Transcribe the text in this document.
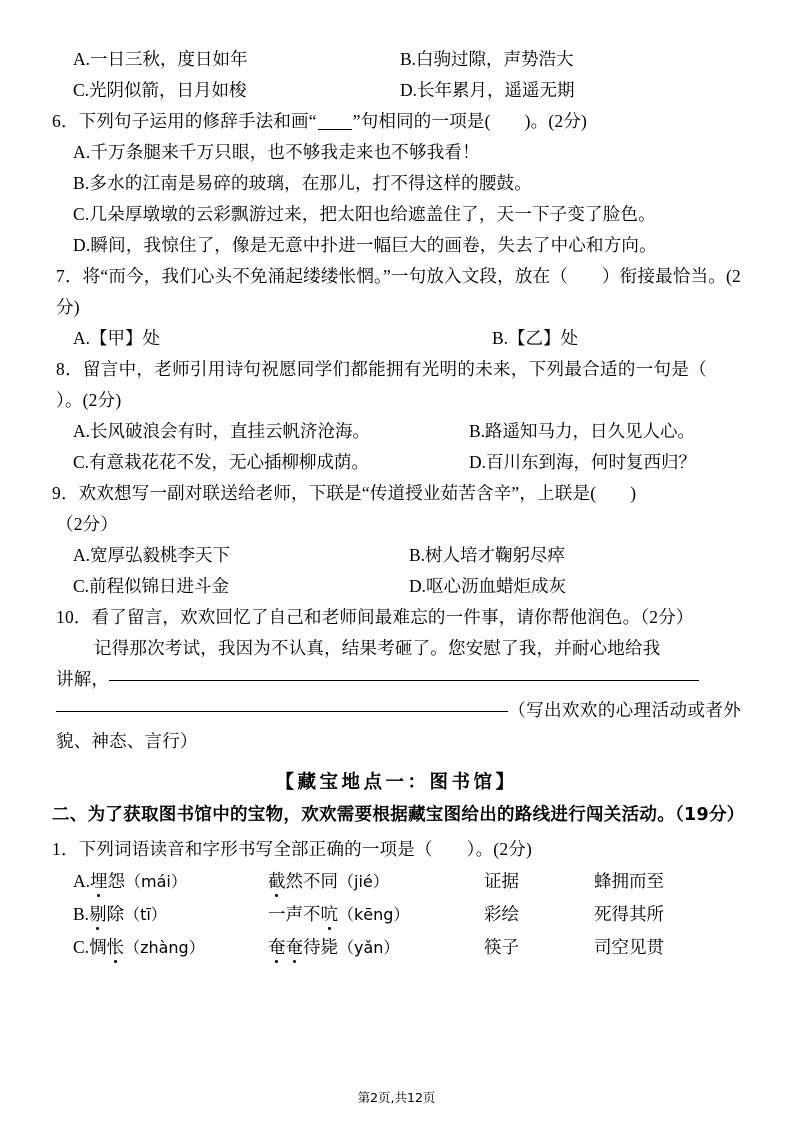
A.一日三秋，度日如年	B.白驹过隙，声势浩大
C.光阴似箭，日月如梭	D.长年累月，遥遥无期
6．下列句子运用的修辞手法和画“ ”句相同的一项是( )。(2分)
A.千万条腿来千万只眼，也不够我走来也不够我看！
B.多水的江南是易碎的玻璃，在那儿，打不得这样的腰鼓。
C.几朵厚墩墩的云彩飘游过来，把太阳也给遮盖住了，天一下子变了脸色。
D.瞬间，我惊住了，像是无意中扑进一幅巨大的画卷，失去了中心和方向。
7．将“而今，我们心头不免涌起缕缕怅惘。”一句放入文段，放在（ ）衔接最恰当。(2分)
A.【甲】处	B.【乙】处
8．留言中，老师引用诗句祝愿同学们都能拥有光明的未来，下列最合适的一句是（）。(2分)
A.长风破浪会有时，直挂云帆济沧海。	B.路遥知马力，日久见人心。
C.有意栽花花不发，无心插柳柳成荫。	D.百川东到海，何时复西归？
9．欢欢想写一副对联送给老师，下联是“传道授业茹苦含辛”，上联是( )
（2分）
A.宽厚弘毅桃李天下	B.树人培才鞠躬尽瘁
C.前程似锦日进斗金	D.呕心沥血蜡炬成灰
10．看了留言，欢欢回忆了自己和老师间最难忘的一件事，请你帮他润色。（2分）
记得那次考试，我因为不认真，结果考砸了。您安慰了我，并耐心地给我
讲解，
（写出欢欢的心理活动或者外貌、神态、言行）
【藏宝地点一：图书馆】
二、为了获取图书馆中的宝物，欢欢需要根据藏宝图给出的路线进行闯关活动。（19分）
1．下列词语读音和字形书写全部正确的一项是（ ）。(2分)
A.埋怨（mái）	截然不同（jié）	证据	蜂拥而至
B.剔除（tī）	一声不吭（kēng）	彩绘	死得其所
C.惆怅（zhàng）	奄奄待毙（yǎn）	筷子	司空见贯
第2页,共12页
